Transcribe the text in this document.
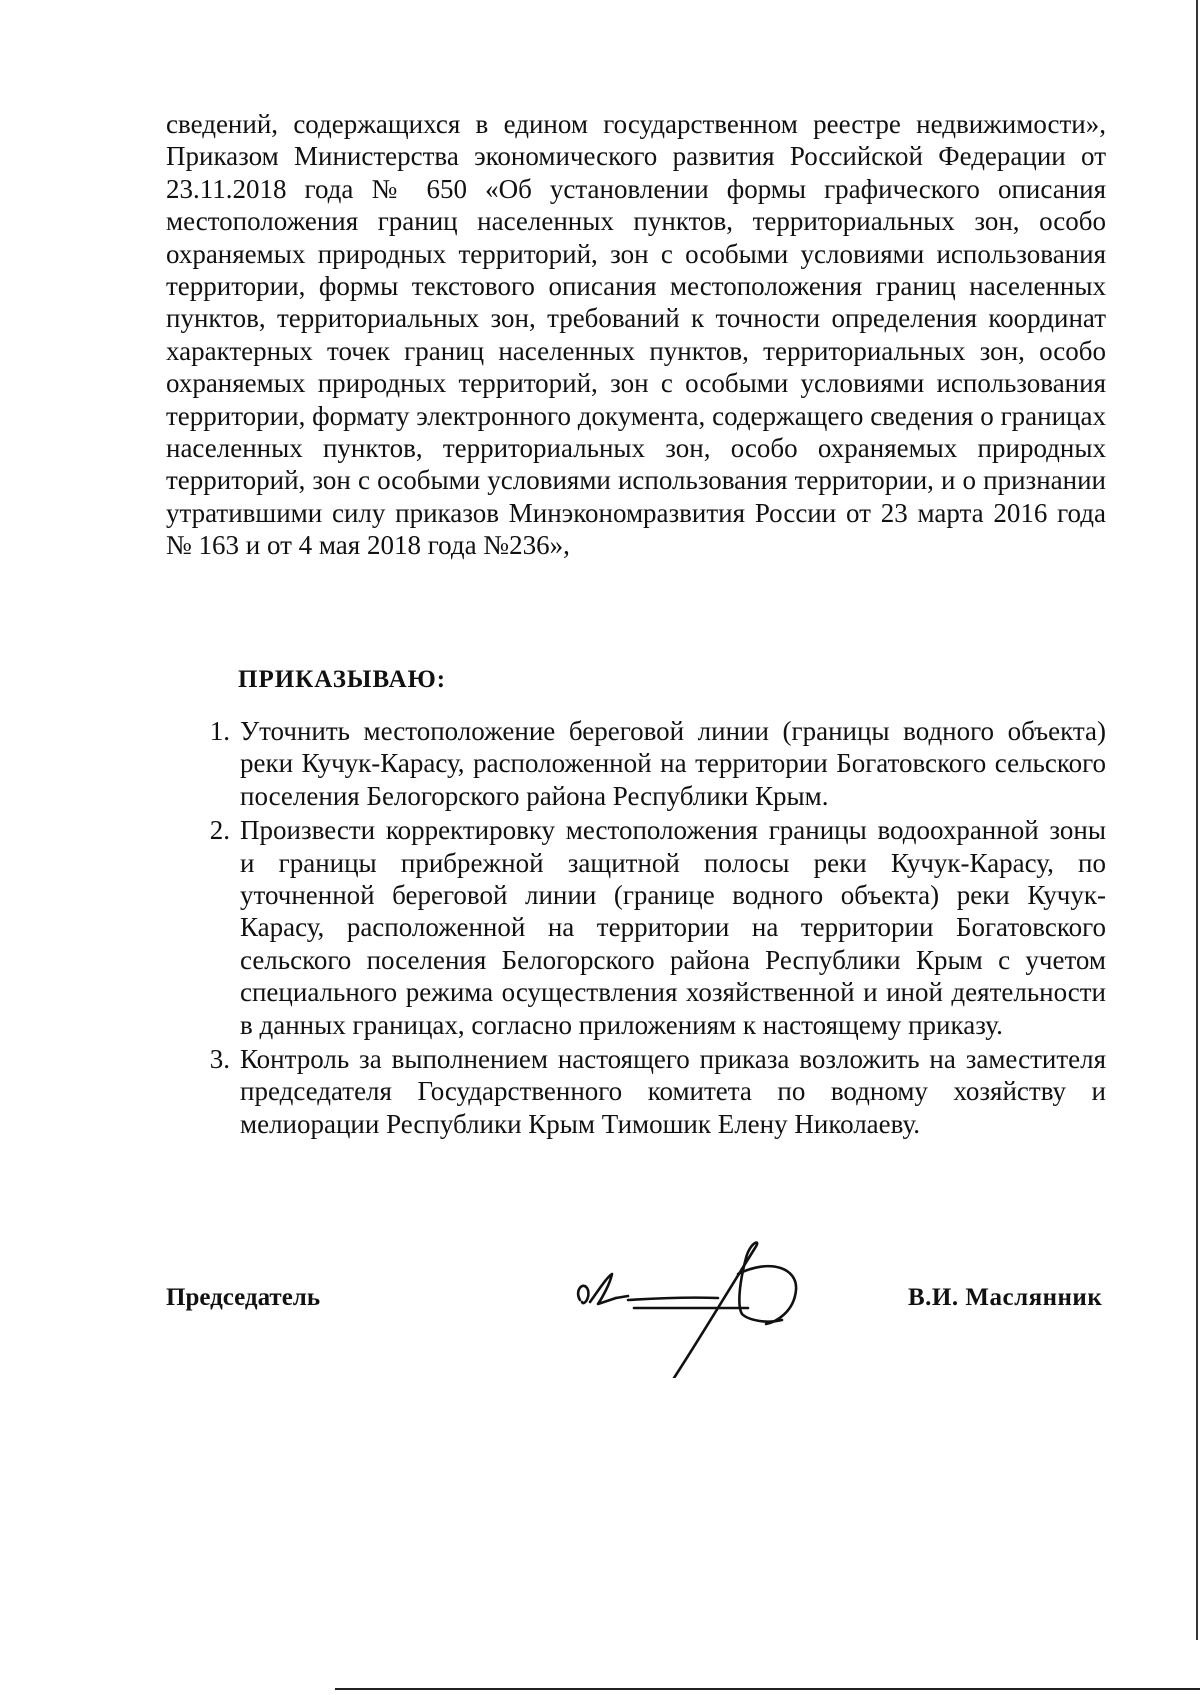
сведений, содержащихся в едином государственном реестре недвижимости», Приказом Министерства экономического развития Российской Федерации от 23.11.2018 года № 650 «Об установлении формы графического описания местоположения границ населенных пунктов, территориальных зон, особо охраняемых природных территорий, зон с особыми условиями использования территории, формы текстового описания местоположения границ населенных пунктов, территориальных зон, требований к точности определения координат характерных точек границ населенных пунктов, территориальных зон, особо охраняемых природных территорий, зон с особыми условиями использования территории, формату электронного документа, содержащего сведения о границах населенных пунктов, территориальных зон, особо охраняемых природных территорий, зон с особыми условиями использования территории, и о признании утратившими силу приказов Минэкономразвития России от 23 марта 2016 года № 163 и от 4 мая 2018 года №236»,

ПРИКАЗЫВАЮ:
1. Уточнить местоположение береговой линии (границы водного объекта) реки Кучук-Карасу, расположенной на территории Богатовского сельского поселения Белогорского района Республики Крым.
2. Произвести корректировку местоположения границы водоохранной зоны и границы прибрежной защитной полосы реки Кучук-Карасу, по уточненной береговой линии (границе водного объекта) реки Кучук-Карасу, расположенной на территории на территории Богатовского сельского поселения Белогорского района Республики Крым с учетом специального режима осуществления хозяйственной и иной деятельности в данных границах, согласно приложениям к настоящему приказу.
3. Контроль за выполнением настоящего приказа возложить на заместителя председателя Государственного комитета по водному хозяйству и мелиорации Республики Крым Тимошик Елену Николаеву.
Председатель	В.И. Маслянник
